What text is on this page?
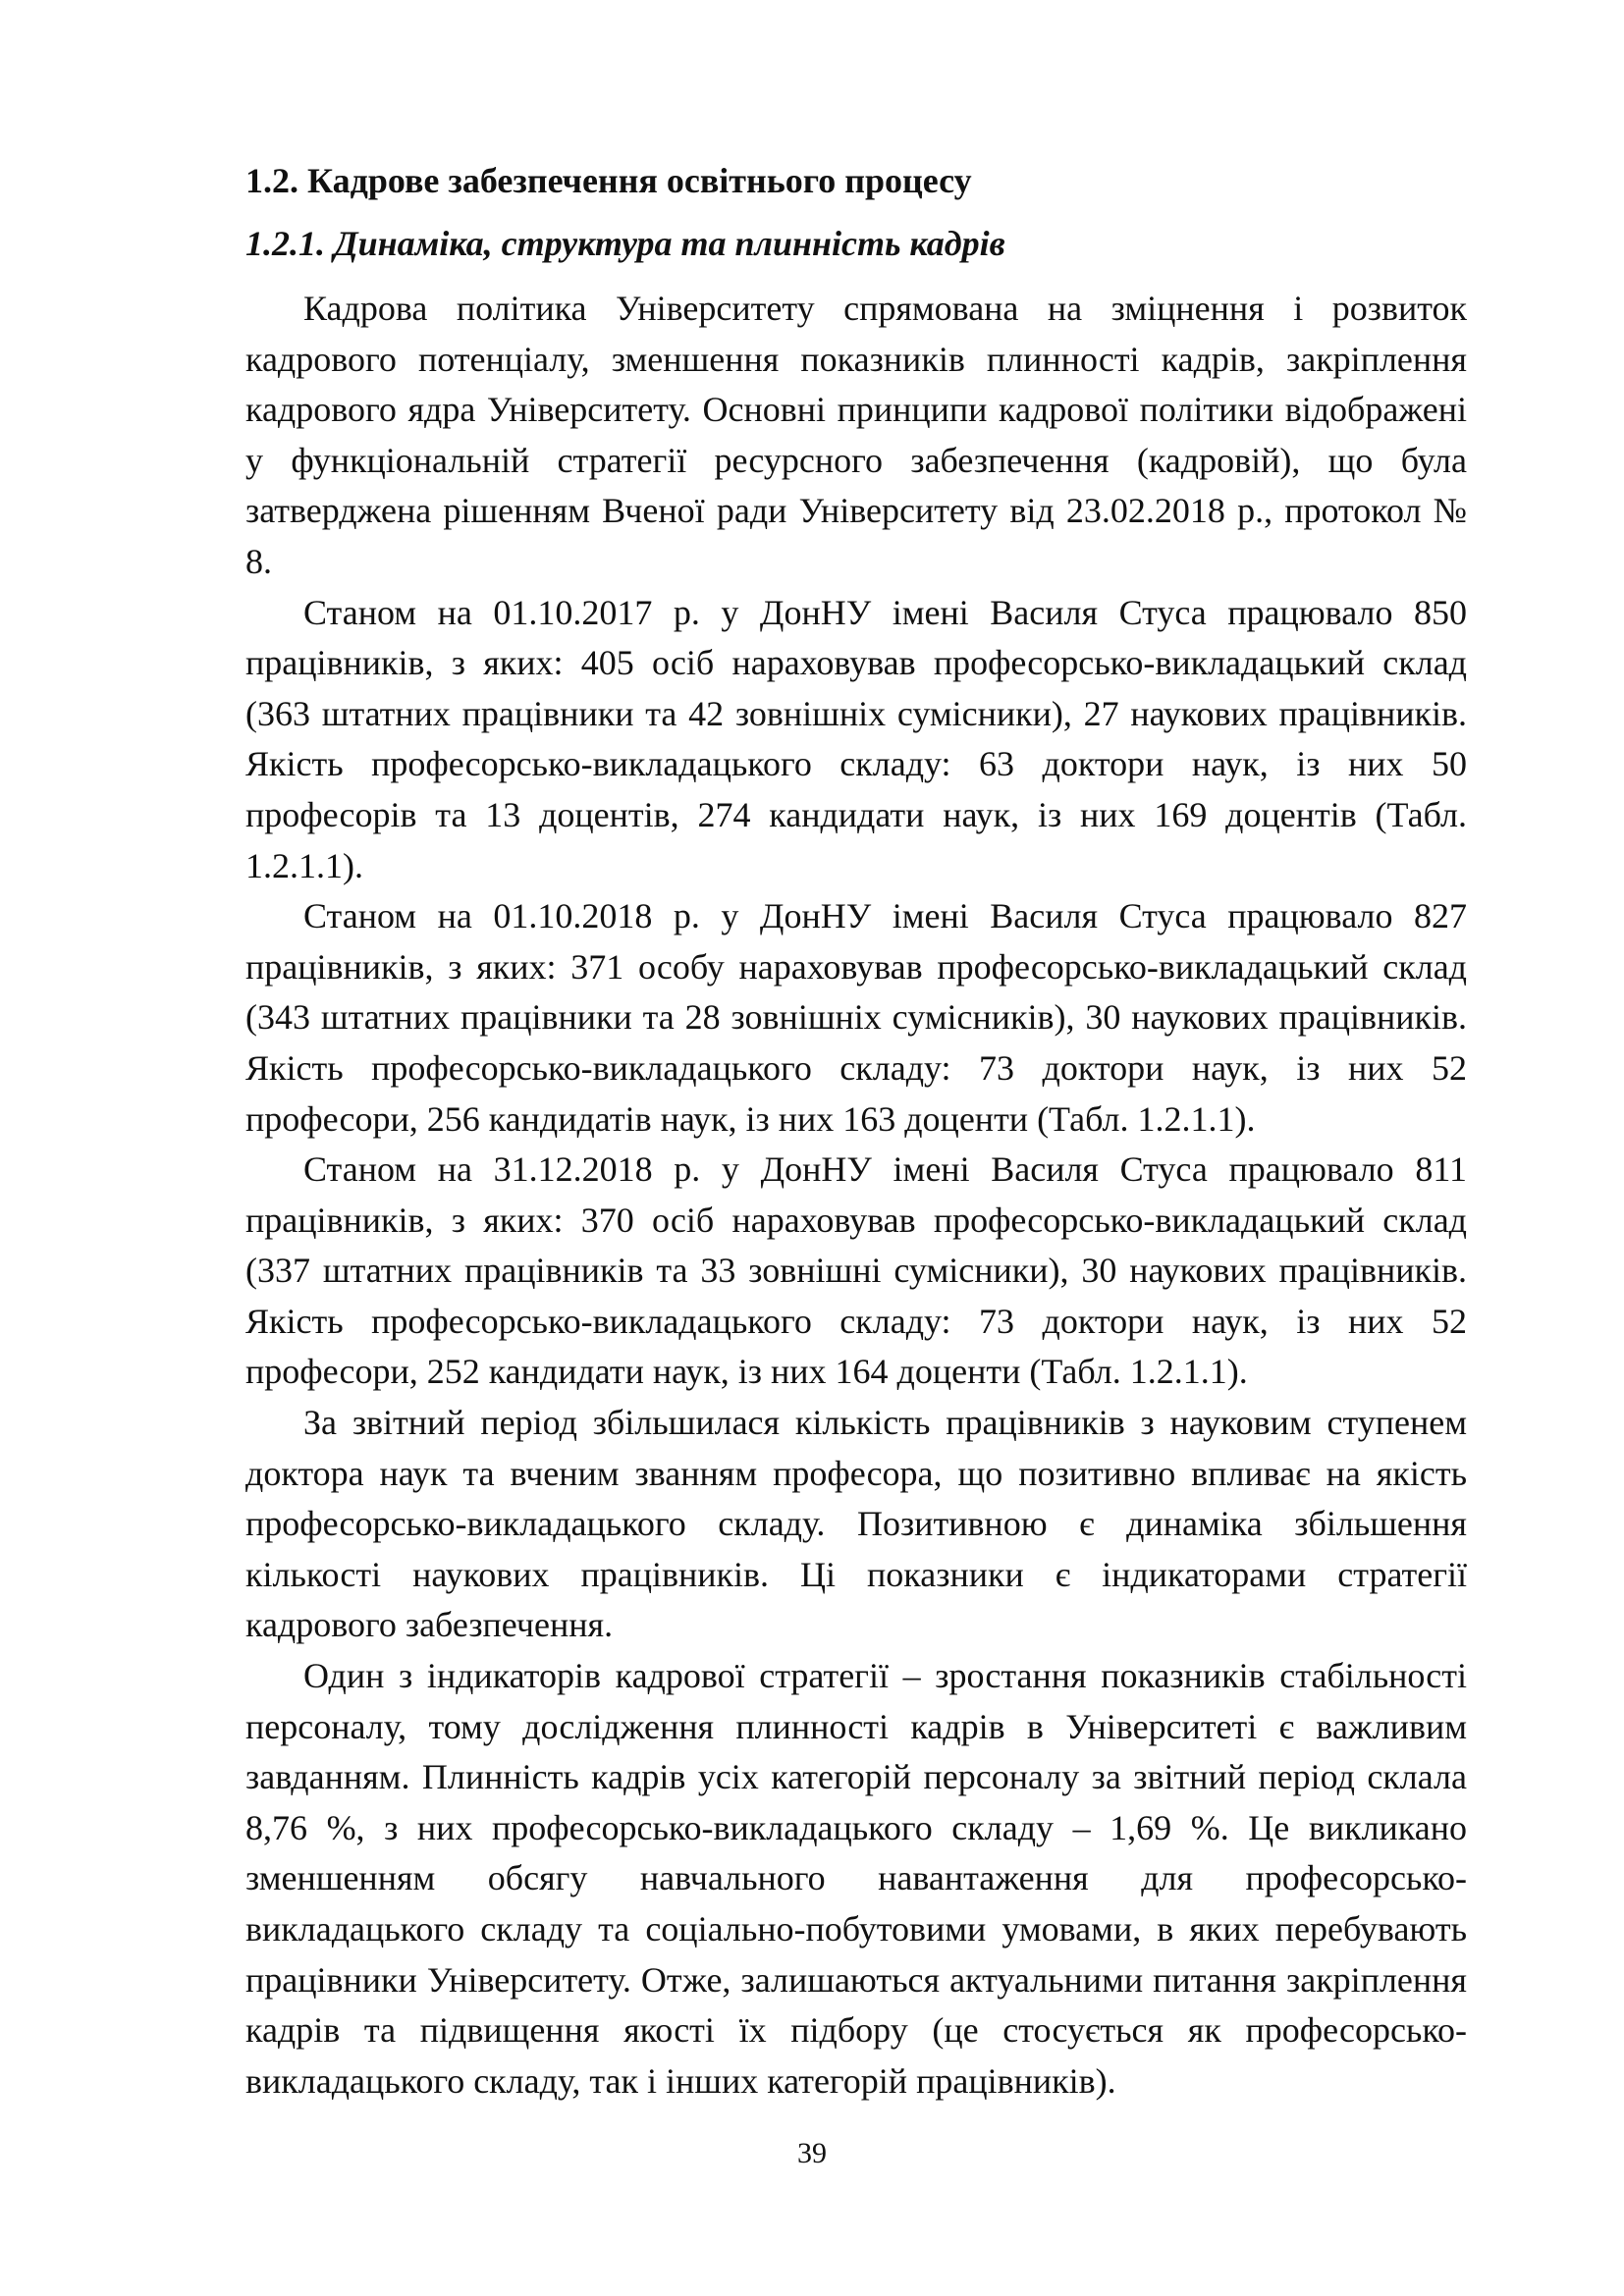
1.2. Кадрове забезпечення освітнього процесу
1.2.1. Динаміка, структура та плинність кадрів

Кадрова політика Університету спрямована на зміцнення і розвиток кадрового потенціалу, зменшення показників плинності кадрів, закріплення кадрового ядра Університету. Основні принципи кадрової політики відображені у функціональній стратегії ресурсного забезпечення (кадровій), що була затверджена рішенням Вченої ради Університету від 23.02.2018 р., протокол № 8.

Станом на 01.10.2017 р. у ДонНУ імені Василя Стуса працювало 850 працівників, з яких: 405 осіб нараховував професорсько-викладацький склад (363 штатних працівники та 42 зовнішніх сумісники), 27 наукових працівників. Якість професорсько-викладацького складу: 63 доктори наук, із них 50 професорів та 13 доцентів, 274 кандидати наук, із них 169 доцентів (Табл. 1.2.1.1).

Станом на 01.10.2018 р. у ДонНУ імені Василя Стуса працювало 827 працівників, з яких: 371 особу нараховував професорсько-викладацький склад (343 штатних працівники та 28 зовнішніх сумісників), 30 наукових працівників. Якість професорсько-викладацького складу: 73 доктори наук, із них 52 професори, 256 кандидатів наук, із них 163 доценти (Табл. 1.2.1.1).

Станом на 31.12.2018 р. у ДонНУ імені Василя Стуса працювало 811 працівників, з яких: 370 осіб нараховував професорсько-викладацький склад (337 штатних працівників та 33 зовнішні сумісники), 30 наукових працівників. Якість професорсько-викладацького складу: 73 доктори наук, із них 52 професори, 252 кандидати наук, із них 164 доценти (Табл. 1.2.1.1).

За звітний період збільшилася кількість працівників з науковим ступенем доктора наук та вченим званням професора, що позитивно впливає на якість професорсько-викладацького складу. Позитивною є динаміка збільшення кількості наукових працівників. Ці показники є індикаторами стратегії кадрового забезпечення.

Один з індикаторів кадрової стратегії – зростання показників стабільності персоналу, тому дослідження плинності кадрів в Університеті є важливим завданням. Плинність кадрів усіх категорій персоналу за звітний період склала 8,76 %, з них професорсько-викладацького складу – 1,69 %. Це викликано зменшенням обсягу навчального навантаження для професорсько-викладацького складу та соціально-побутовими умовами, в яких перебувають працівники Університету. Отже, залишаються актуальними питання закріплення кадрів та підвищення якості їх підбору (це стосується як професорсько-викладацького складу, так і інших категорій працівників).

39
